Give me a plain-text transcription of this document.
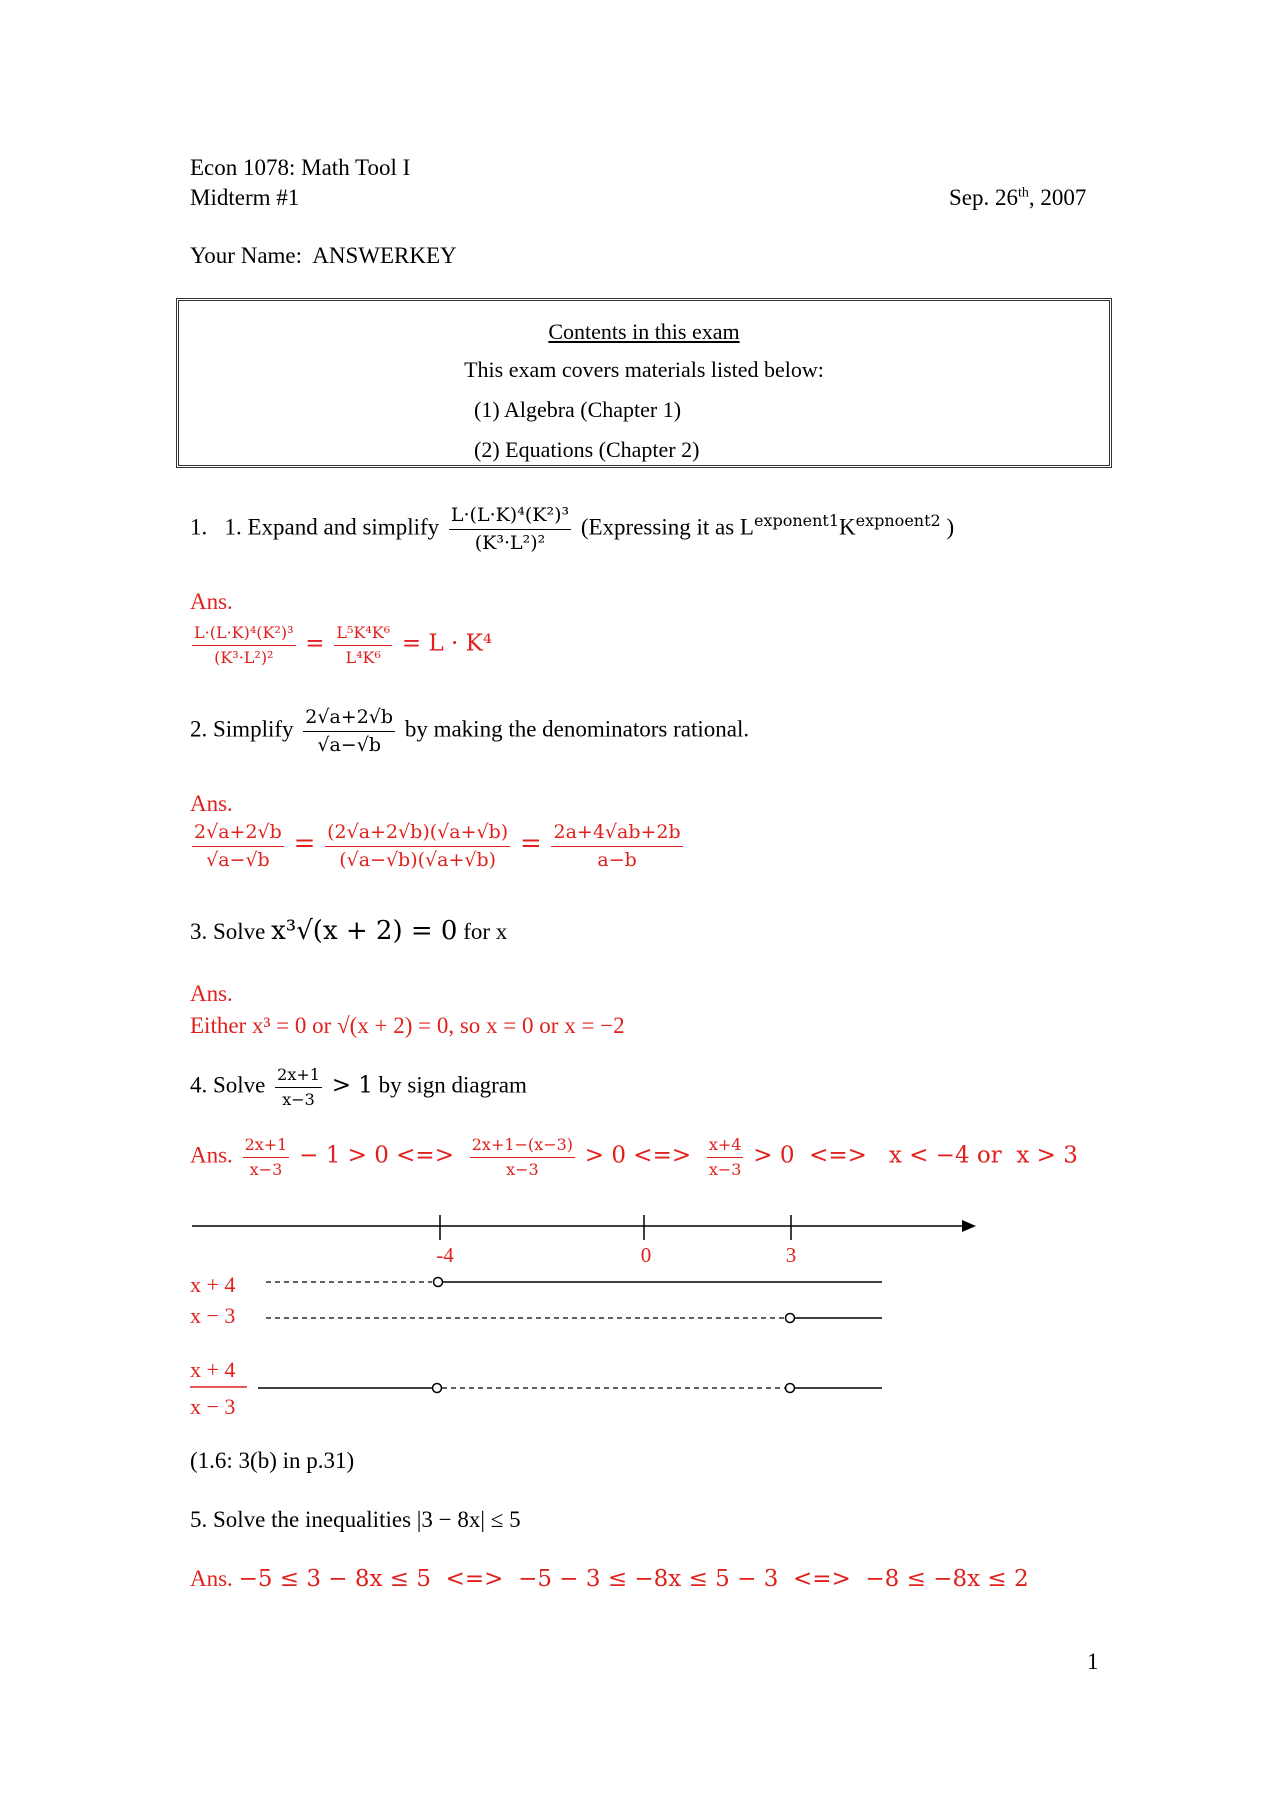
Econ 1078: Math Tool I
Midterm #1	Sep. 26th, 2007
Your Name: ANSWERKEY
Contents in this exam
This exam covers materials listed below:
(1) Algebra (Chapter 1)
(2) Equations (Chapter 2)
1. 1. Expand and simplify $\frac{\text{L·(L·K)⁴(K²)³}}{\text{(K³·L²)²}}$ (Expressing it as $L^{exponent1}K^{expnoent2}$ )
Ans.
$\frac{\text{L·(L·K)⁴(K²)³}}{\text{(K³·L²)²}} = \frac{\text{L⁵K⁴K⁶}}{\text{L⁴K⁶}} = L \cdot K^4$
2. Simplify $\frac{2√a+2√b}{√a-√b}$ by making the denominators rational.
Ans.
$\frac{2√a+2√b}{√a-√b} = \frac{(2√a+2√b)(√a+√b)}{(√a-√b)(√a+√b)} = \frac{2a+4√ab+2b}{a-b}$
3. Solve x³√(x + 2) = 0 for x
Ans.
Either x³ = 0 or √(x + 2) = 0, so x = 0 or x = −2
4. Solve $\frac{2x+1}{x-3} > 1$ by sign diagram
Ans. $\frac{2x+1}{x-3} - 1 > 0$ <=> $\frac{2x+1-(x-3)}{x-3} > 0$ <=> $\frac{x+4}{x-3} > 0$  <=>   x < −4 or  x > 3
-4	0	3
x + 4
x − 3
x + 4
x − 3
(1.6: 3(b) in p.31)
5. Solve the inequalities |3 − 8x| ≤ 5
Ans. −5 ≤ 3 − 8x ≤ 5  <=>  −5 − 3 ≤ −8x ≤ 5 − 3  <=>  −8 ≤ −8x ≤ 2
1
